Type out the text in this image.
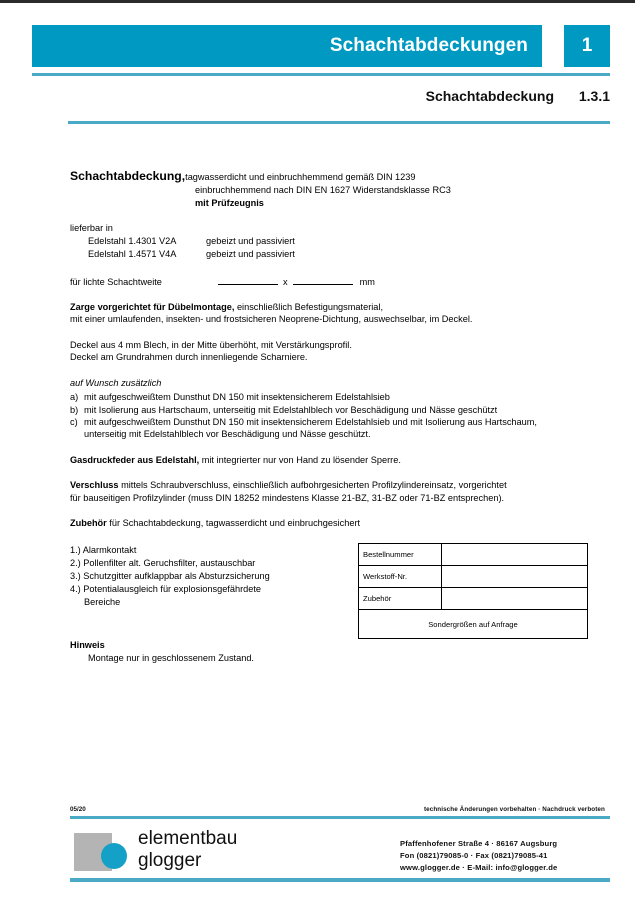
Schachtabdeckungen	1
Schachtabdeckung	1.3.1
Schachtabdeckung,tagwasserdicht und einbruchhemmend gemäß DIN 1239
einbruchhemmend nach DIN EN 1627 Widerstandsklasse RC3
mit Prüfzeugnis
lieferbar in
Edelstahl 1.4301 V2A	gebeizt und passiviert
Edelstahl 1.4571 V4A	gebeizt und passiviert
für lichte Schachtweite	x	mm
Zarge vorgerichtet für Dübelmontage, einschließlich Befestigungsmaterial,
mit einer umlaufenden, insekten- und frostsicheren Neoprene-Dichtung, auswechselbar, im Deckel.
Deckel aus 4 mm Blech, in der Mitte überhöht, mit Verstärkungsprofil.
Deckel am Grundrahmen durch innenliegende Scharniere.
auf Wunsch zusätzlich
a) mit aufgeschweißtem Dunsthut DN 150 mit insektensicherem Edelstahlsieb
b) mit Isolierung aus Hartschaum, unterseitig mit Edelstahlblech vor Beschädigung und Nässe geschützt
c) mit aufgeschweißtem Dunsthut DN 150 mit insektensicherem Edelstahlsieb und mit Isolierung aus Hartschaum, unterseitig mit Edelstahlblech vor Beschädigung und Nässe geschützt.
Gasdruckfeder aus Edelstahl, mit integrierter nur von Hand zu lösender Sperre.
Verschluss mittels Schraubverschluss, einschließlich aufbohrgesicherten Profilzylindereinsatz, vorgerichtet
für bauseitigen Profilzylinder (muss DIN 18252 mindestens Klasse 21-BZ, 31-BZ oder 71-BZ entsprechen).
Zubehör für Schachtabdeckung, tagwasserdicht und einbruchgesichert
1.) Alarmkontakt
2.) Pollenfilter alt. Geruchsfilter, austauschbar
3.) Schutzgitter aufklappbar als Absturzsicherung
4.) Potentialausgleich für explosionsgefährdete
Bereiche
Bestellnummer	
Werkstoff-Nr.	
Zubehör	
Sondergrößen auf Anfrage	
Hinweis
Montage nur in geschlossenem Zustand.
05/20	technische Änderungen vorbehalten · Nachdruck verboten
elementbau
glogger
Pfaffenhofener Straße 4 · 86167 Augsburg
Fon (0821)79085-0 · Fax (0821)79085-41
www.glogger.de · E-Mail: info@glogger.de
